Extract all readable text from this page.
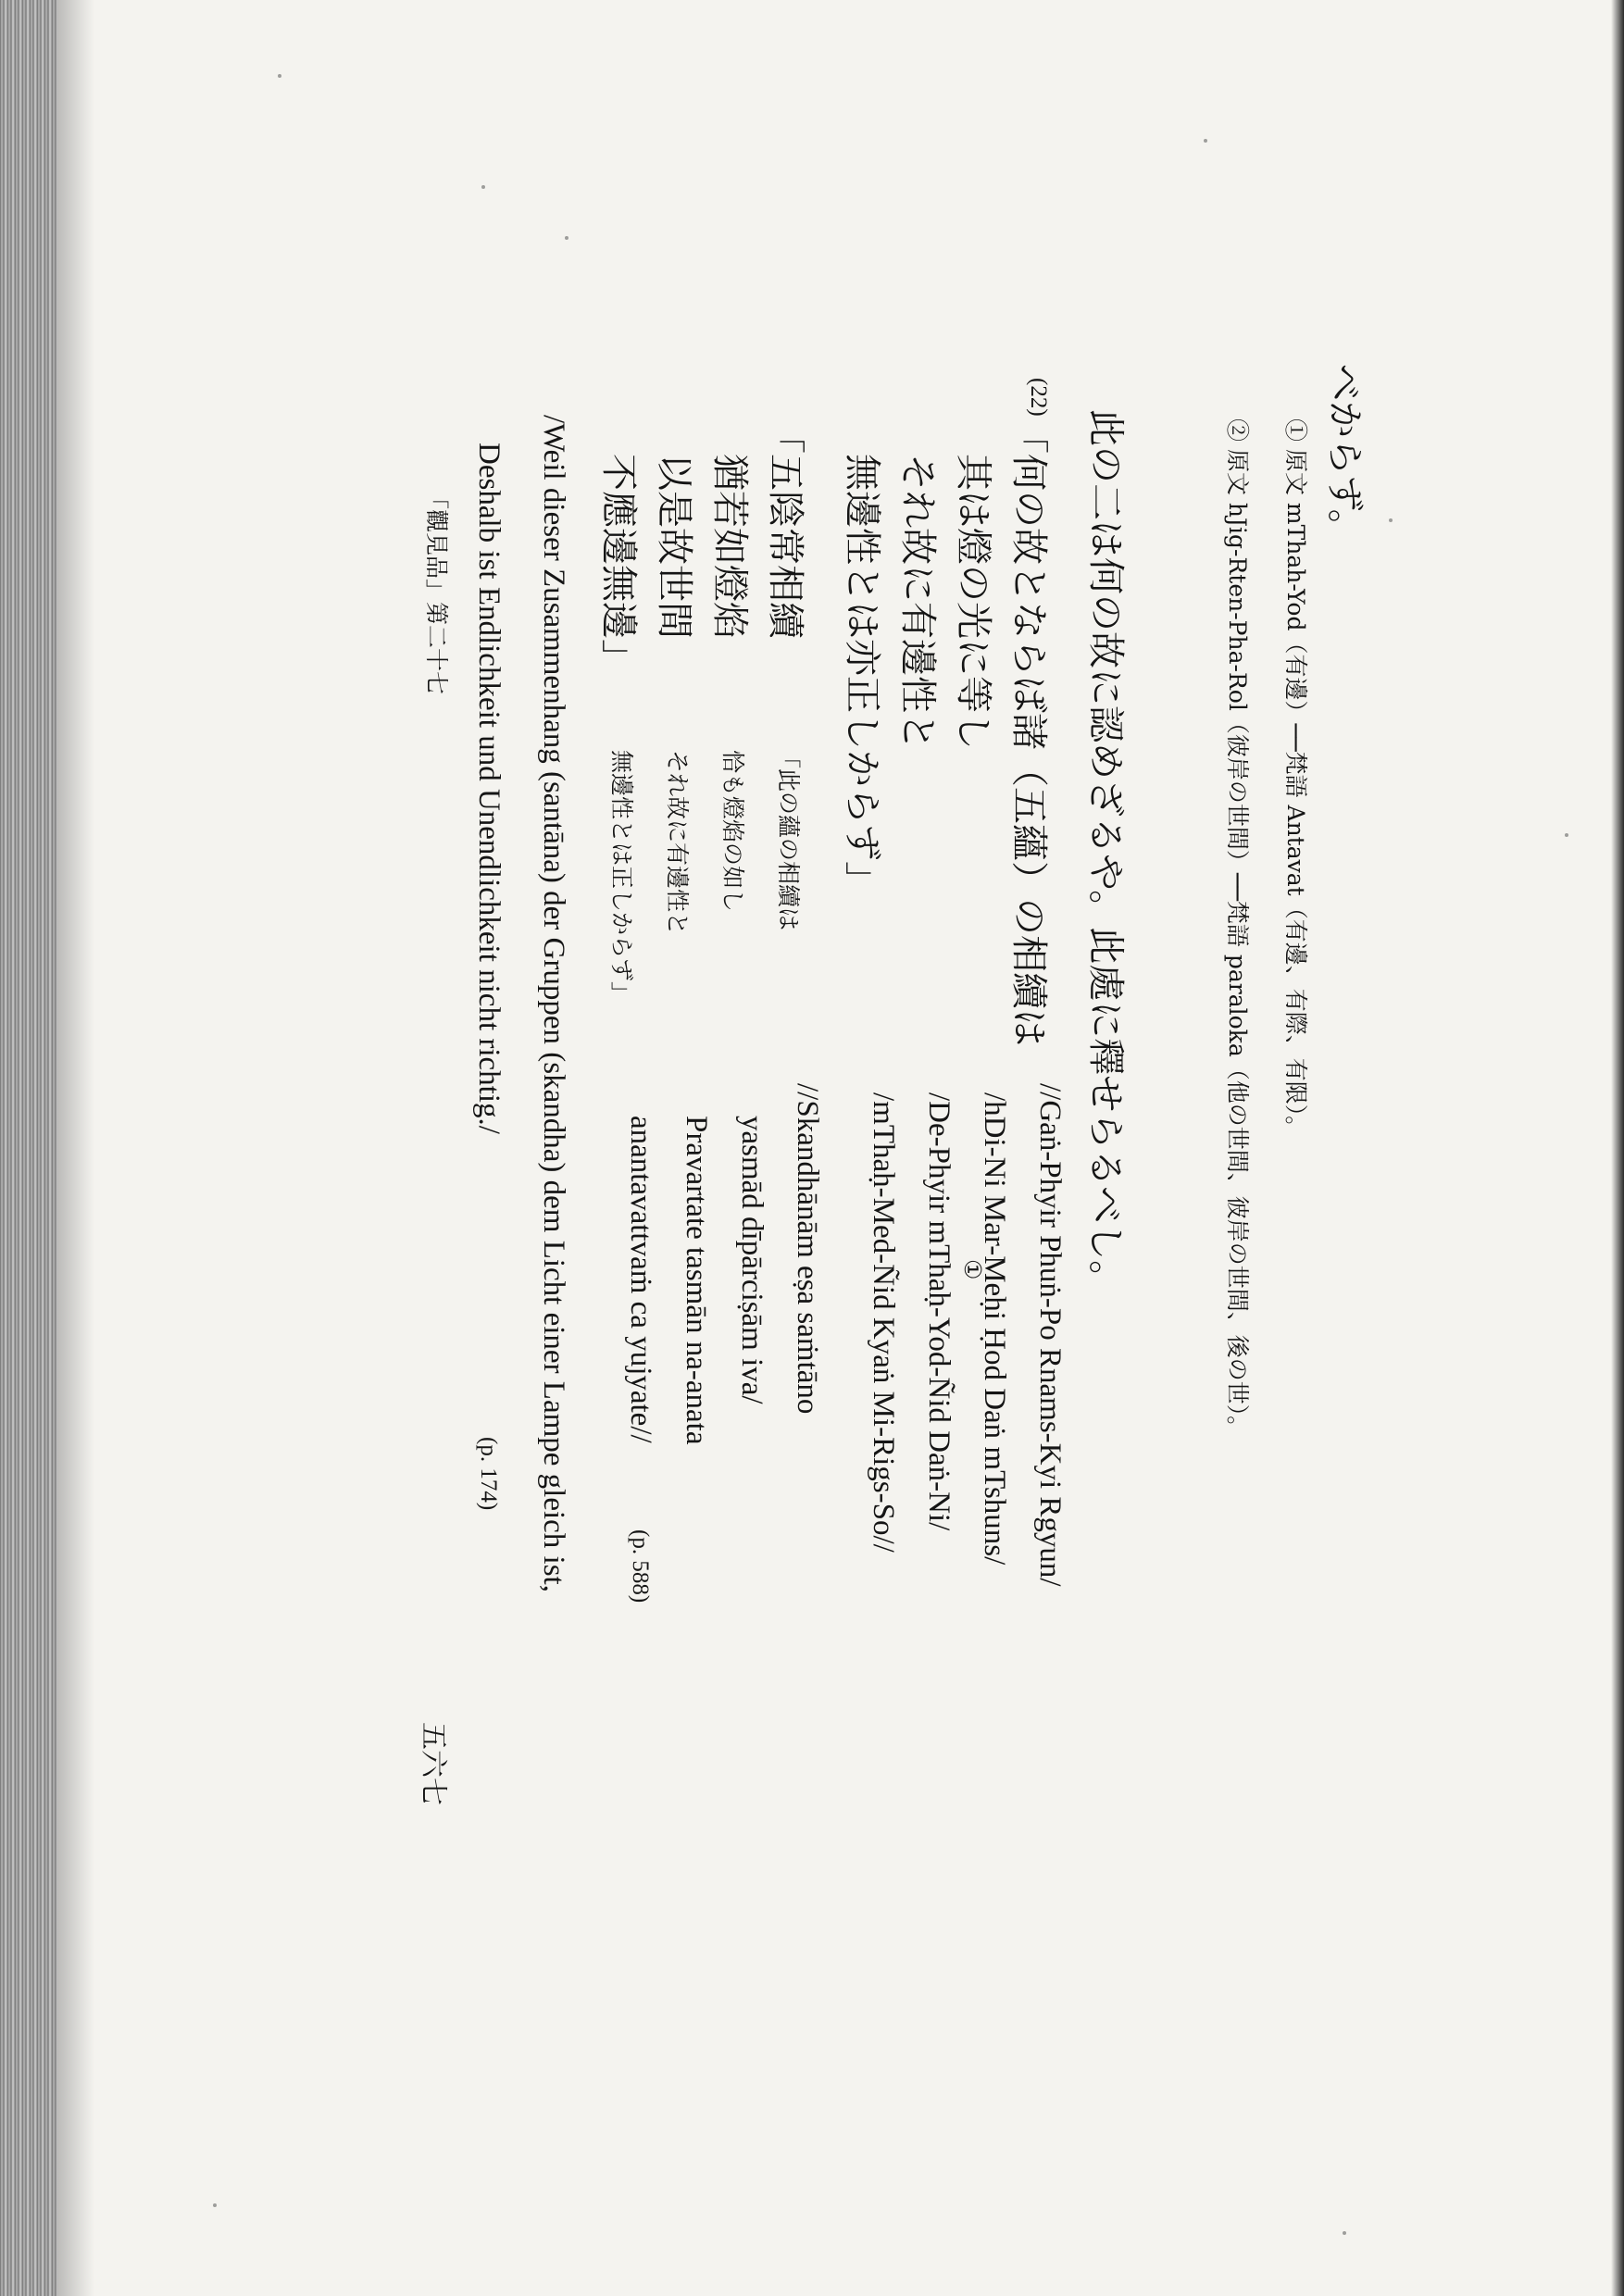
べからず。
① 原文 mThah-Yod（有邊）──梵語 Antavat（有邊、有際、有限）。
② 原文 hJig-Rten-Pha-Rol（彼岸の世間）──梵語 paraloka（他の世間、彼岸の世間、後の世）。
此の二は何の故に認めざるや。此處に釋せらるべし。
(22)
「何の故とならば諸（五蘊）の相續は
其は燈の光に等し
それ故に有邊性と
無邊性とは亦正しからず」
「五陰常相續
猶若如燈焰
以是故世間
不應邊無邊」
「此の蘊の相續は
恰も燈焰の如し
それ故に有邊性と
無邊性とは正しからず」
//Gaṅ-Phyir Phuṅ-Po Rnams-Kyi Rgyun/
/hDi-Ni Mar-Meḥi Ḥod Daṅ mTshuns/
①
/De-Phyir mThaḥ-Yod-Ñid Daṅ-Ni/
/mThaḥ-Med-Ñid Kyaṅ Mi-Rigs-So//
//Skandhānām eṣa saṁtāno
yasmād dīpārciṣām iva/
Pravartate tasmān na-anata
anantavattvaṁ ca yujyate//
(p. 588)
/Weil dieser Zusammenhang (santāna) der Gruppen (skandha) dem Licht einer Lampe gleich ist,
Deshalb ist Endlichkeit und Unendlichkeit nicht richtig./
(p. 174)
「觀見品」第二十七
五六七
